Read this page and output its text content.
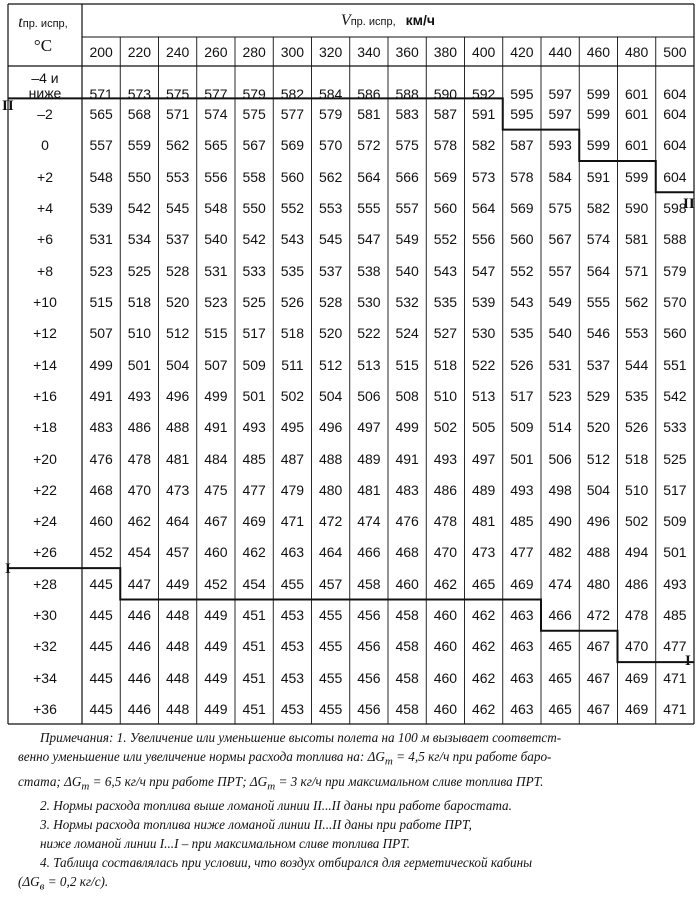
tпр. испр,
°C
Vпр. испр, км/ч
200	220	240	260	280	300	320	340	360	380	400	420	440	460	480	500
–4 и ниже	571	573	575	577	579	582	584	586	588	590	592	595	597	599	601	604
–2	565	568	571	574	575	577	579	581	583	587	591	595	597	599	601	604
0	557	559	562	565	567	569	570	572	575	578	582	587	593	599	601	604
+2	548	550	553	556	558	560	562	564	566	569	573	578	584	591	599	604
+4	539	542	545	548	550	552	553	555	557	560	564	569	575	582	590	598
+6	531	534	537	540	542	543	545	547	549	552	556	560	567	574	581	588
+8	523	525	528	531	533	535	537	538	540	543	547	552	557	564	571	579
+10	515	518	520	523	525	526	528	530	532	535	539	543	549	555	562	570
+12	507	510	512	515	517	518	520	522	524	527	530	535	540	546	553	560
+14	499	501	504	507	509	511	512	513	515	518	522	526	531	537	544	551
+16	491	493	496	499	501	502	504	506	508	510	513	517	523	529	535	542
+18	483	486	488	491	493	495	496	497	499	502	505	509	514	520	526	533
+20	476	478	481	484	485	487	488	489	491	493	497	501	506	512	518	525
+22	468	470	473	475	477	479	480	481	483	486	489	493	498	504	510	517
+24	460	462	464	467	469	471	472	474	476	478	481	485	490	496	502	509
+26	452	454	457	460	462	463	464	466	468	470	473	477	482	488	494	501
+28	445	447	449	452	454	455	457	458	460	462	465	469	474	480	486	493
+30	445	446	448	449	451	453	455	456	458	460	462	463	466	472	478	485
+32	445	446	448	449	451	453	455	456	458	460	462	463	465	467	470	477
+34	445	446	448	449	451	453	455	456	458	460	462	463	465	467	469	471
+36	445	446	448	449	451	453	455	456	458	460	462	463	465	467	469	471
II
II
I
I

Примечания: 1. Увеличение или уменьшение высоты полета на 100 м вызывает соответст-

венно уменьшение или увеличение нормы расхода топлива на: $\Delta G_т = 4,5$ кг/ч при работе баро-

стата; $\Delta G_т = 6,5$ кг/ч при работе ПРТ; $\Delta G_т = 3$ кг/ч при максимальном сливе топлива ПРТ.

2. Нормы расхода топлива выше ломаной линии II...II даны при работе баростата.

3. Нормы расхода топлива ниже ломаной линии II...II даны при работе ПРТ,

ниже ломаной линии I...I – при максимальном сливе топлива ПРТ.

4. Таблица составлялась при условии, что воздух отбирался для герметической кабины

($\Delta G_в = 0,2$ кг/с).
